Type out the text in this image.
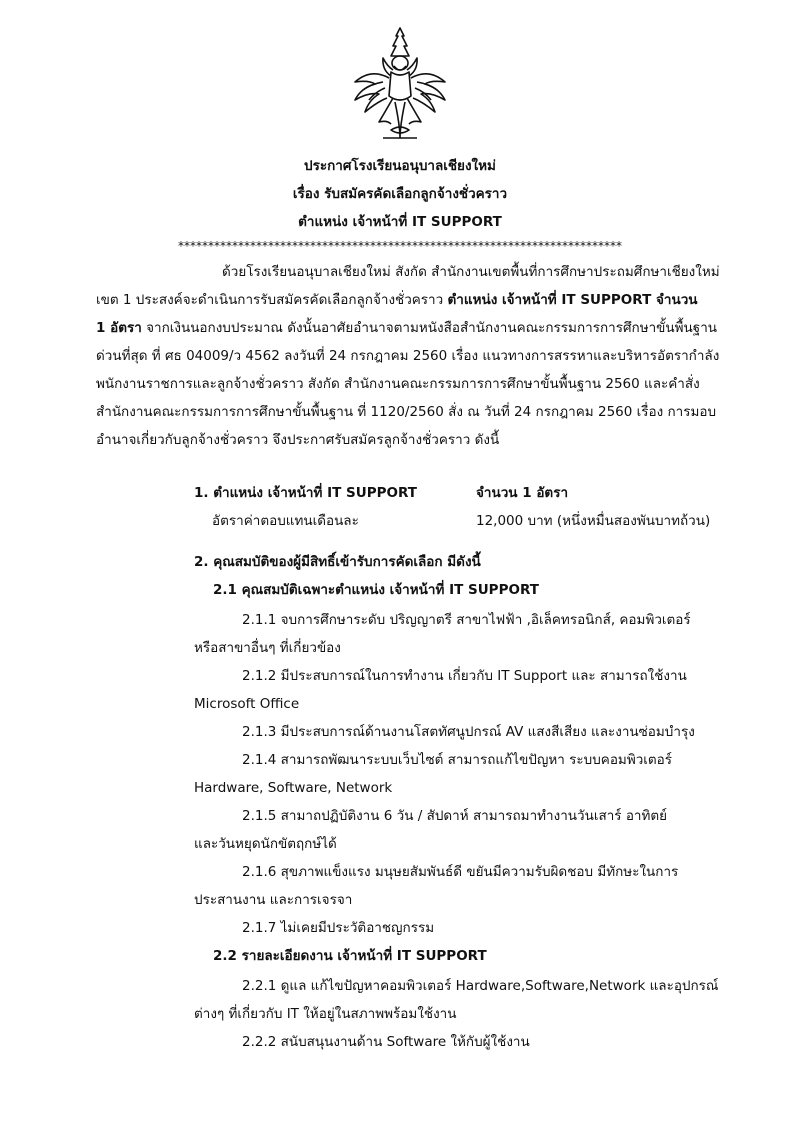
ประกาศโรงเรียนอนุบาลเชียงใหม่
เรื่อง รับสมัครคัดเลือกลูกจ้างชั่วคราว
ตำแหน่ง เจ้าหน้าที่ IT SUPPORT
**************************************************************************
ด้วยโรงเรียนอนุบาลเชียงใหม่ สังกัด สำนักงานเขตพื้นที่การศึกษาประถมศึกษาเชียงใหม่
เขต 1 ประสงค์จะดำเนินการรับสมัครคัดเลือกลูกจ้างชั่วคราว ตำแหน่ง เจ้าหน้าที่ IT SUPPORT จำนวน
1 อัตรา จากเงินนอกงบประมาณ ดังนั้นอาศัยอำนาจตามหนังสือสำนักงานคณะกรรมการการศึกษาขั้นพื้นฐาน
ด่วนที่สุด ที่ ศธ 04009/ว 4562 ลงวันที่ 24 กรกฎาคม 2560 เรื่อง แนวทางการสรรหาและบริหารอัตรากำลัง
พนักงานราชการและลูกจ้างชั่วคราว สังกัด สำนักงานคณะกรรมการการศึกษาขั้นพื้นฐาน 2560 และคำสั่ง
สำนักงานคณะกรรมการการศึกษาขั้นพื้นฐาน ที่ 1120/2560 สั่ง ณ วันที่ 24 กรกฎาคม 2560 เรื่อง การมอบ
อำนาจเกี่ยวกับลูกจ้างชั่วคราว จึงประกาศรับสมัครลูกจ้างชั่วคราว ดังนี้
1. ตำแหน่ง เจ้าหน้าที่ IT SUPPORT	จำนวน 1 อัตรา
อัตราค่าตอบแทนเดือนละ	12,000 บาท (หนึ่งหมื่นสองพันบาทถ้วน)
2. คุณสมบัติของผู้มีสิทธิ์เข้ารับการคัดเลือก มีดังนี้
2.1 คุณสมบัติเฉพาะตำแหน่ง เจ้าหน้าที่ IT SUPPORT
2.1.1 จบการศึกษาระดับ ปริญญาตรี สาขาไฟฟ้า ,อิเล็คทรอนิกส์, คอมพิวเตอร์
หรือสาขาอื่นๆ ที่เกี่ยวข้อง
2.1.2 มีประสบการณ์ในการทำงาน เกี่ยวกับ IT Support และ สามารถใช้งาน
Microsoft Office
2.1.3 มีประสบการณ์ด้านงานโสตทัศนูปกรณ์ AV แสงสีเสียง และงานซ่อมบำรุง
2.1.4 สามารถพัฒนาระบบเว็บไซต์ สามารถแก้ไขปัญหา ระบบคอมพิวเตอร์
Hardware, Software, Network
2.1.5 สามาถปฏิบัติงาน 6 วัน / สัปดาห์ สามารถมาทำงานวันเสาร์ อาทิตย์
และวันหยุดนักขัตฤกษ์ได้
2.1.6 สุขภาพแข็งแรง มนุษยสัมพันธ์ดี ขยันมีความรับผิดชอบ มีทักษะในการ
ประสานงาน และการเจรจา
2.1.7 ไม่เคยมีประวัติอาชญกรรม
2.2 รายละเอียดงาน เจ้าหน้าที่ IT SUPPORT
2.2.1 ดูแล แก้ไขปัญหาคอมพิวเตอร์ Hardware,Software,Network และอุปกรณ์
ต่างๆ ที่เกี่ยวกับ IT ให้อยู่ในสภาพพร้อมใช้งาน
2.2.2 สนับสนุนงานด้าน Software ให้กับผู้ใช้งาน
